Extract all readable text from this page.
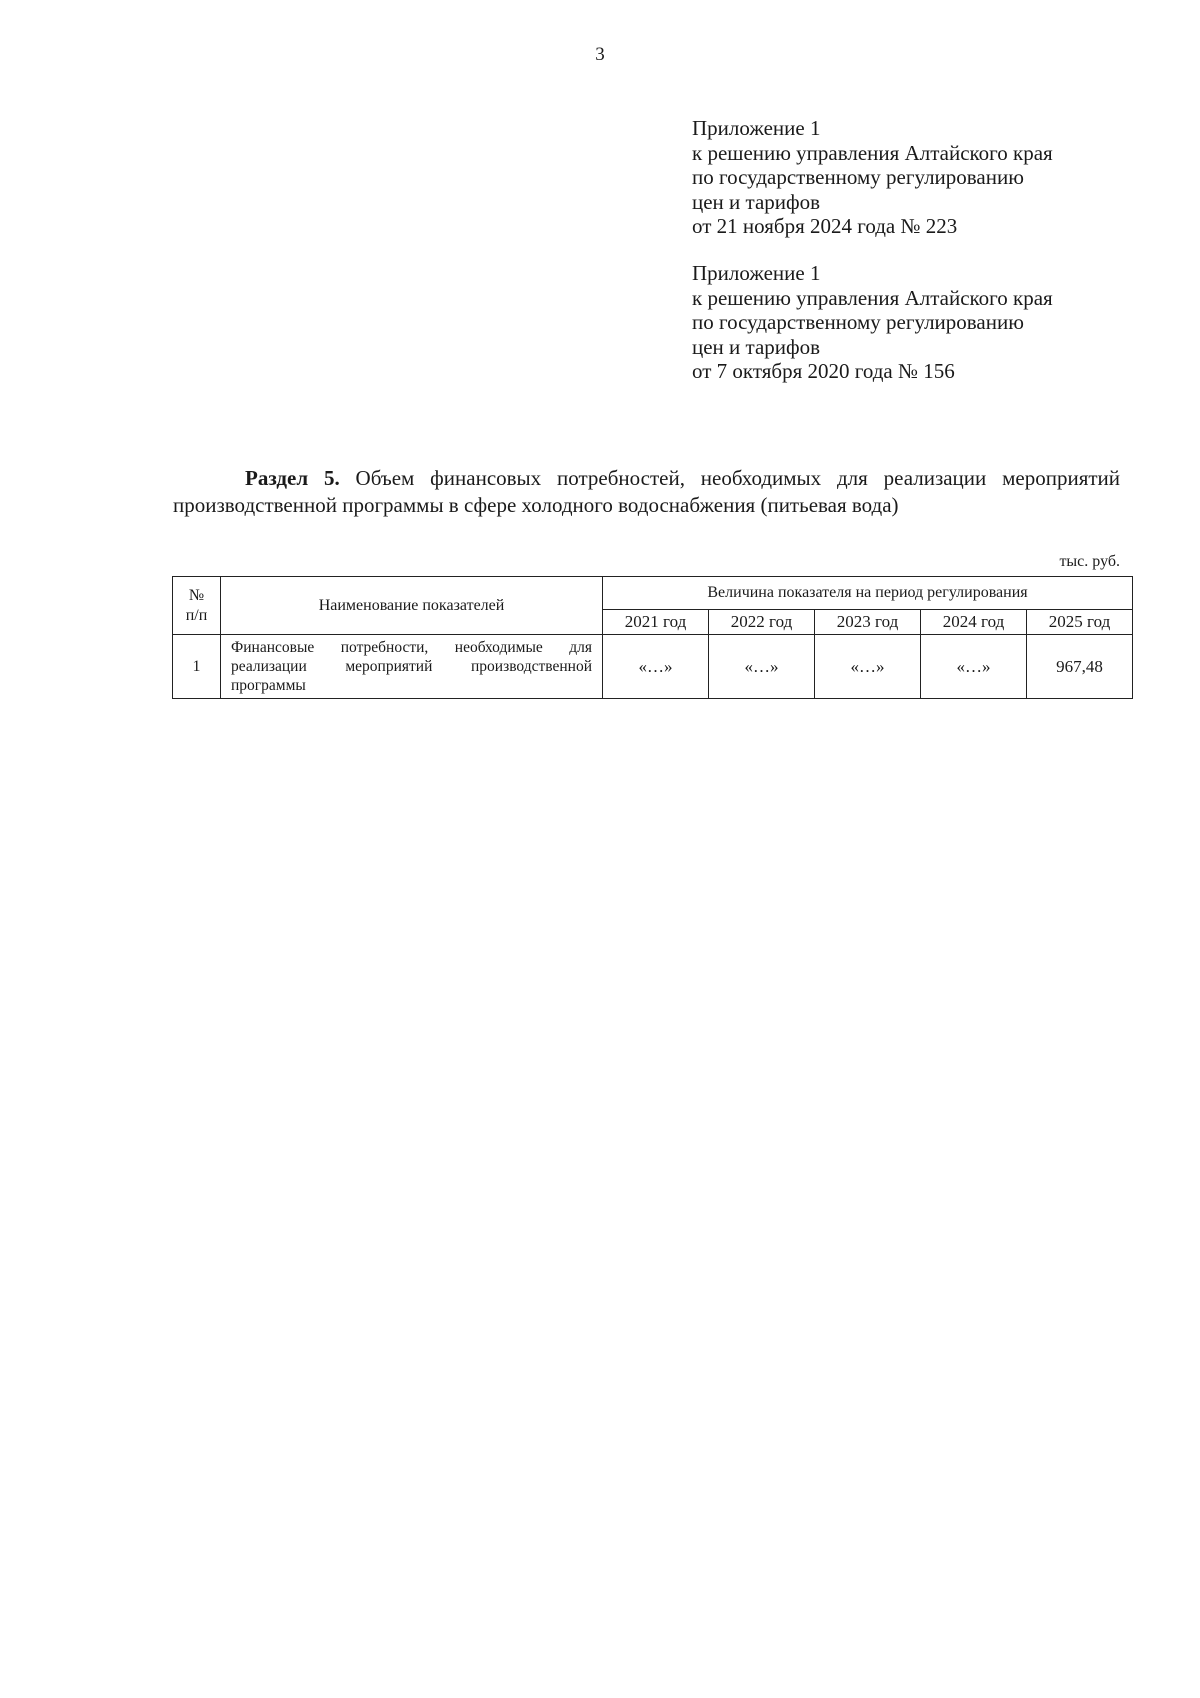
3
Приложение 1
к решению управления Алтайского края
по государственному регулированию
цен и тарифов
от 21 ноября 2024 года № 223
Приложение 1
к решению управления Алтайского края
по государственному регулированию
цен и тарифов
от 7 октября 2020 года № 156
Раздел 5. Объем финансовых потребностей, необходимых для реализации мероприятий производственной программы в сфере холодного водоснабжения (питьевая вода)
тыс. руб.
№
п/п	Наименование показателей	Величина показателя на период регулирования				
		2021 год	2022 год	2023 год	2024 год	2025 год
1	Финансовые потребности, необходимые для реализации мероприятий производственной программы	«…»	«…»	«…»	«…»	967,48
